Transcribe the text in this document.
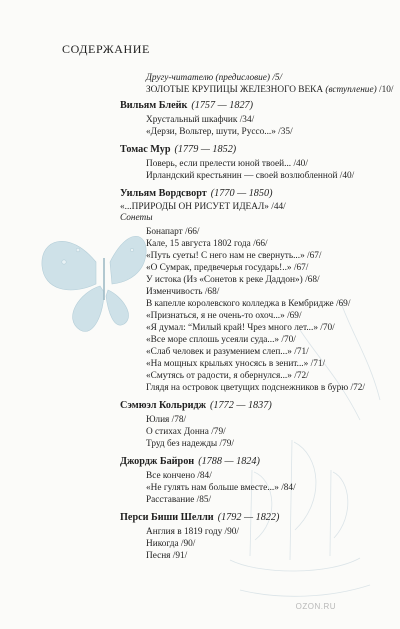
СОДЕРЖАНИЕ
Другу-читателю (предисловие) /5/
ЗОЛОТЫЕ КРУПИЦЫ ЖЕЛЕЗНОГО ВЕКА (вступление) /10/
Вильям Блейк (1757 — 1827)
Хрустальный шкафчик /34/
«Дерзи, Вольтер, шути, Руссо...» /35/
Томас Мур (1779 — 1852)
Поверь, если прелести юной твоей... /40/
Ирландский крестьянин — своей возлюбленной /40/
Уильям Вордсворт (1770 — 1850)
«...ПРИРОДЫ ОН РИСУЕТ ИДЕАЛ» /44/
Сонеты
Бонапарт /66/
Кале, 15 августа 1802 года /66/
«Путь суеты! С него нам не свернуть...» /67/
«О Сумрак, предвечерья государь!..» /67/
У истока (Из «Сонетов к реке Даддон») /68/
Изменчивость /68/
В капелле королевского колледжа в Кембридже /69/
«Признаться, я не очень-то охоч...» /69/
«Я думал: “Милый край! Чрез много лет...» /70/
«Все море сплошь усеяли суда...» /70/
«Слаб человек и разумением слеп...» /71/
«На мощных крыльях уносясь в зенит...» /71/
«Смутясь от радости, я обернулся...» /72/
Глядя на островок цветущих подснежников в бурю /72/
Сэмюэл Кольридж (1772 — 1837)
Юлия /78/
О стихах Донна /79/
Труд без надежды /79/
Джордж Байрон (1788 — 1824)
Все кончено /84/
«Не гулять нам больше вместе...» /84/
Расставание /85/
Перси Биши Шелли (1792 — 1822)
Англия в 1819 году /90/
Никогда /90/
Песня /91/
OZON.RU
